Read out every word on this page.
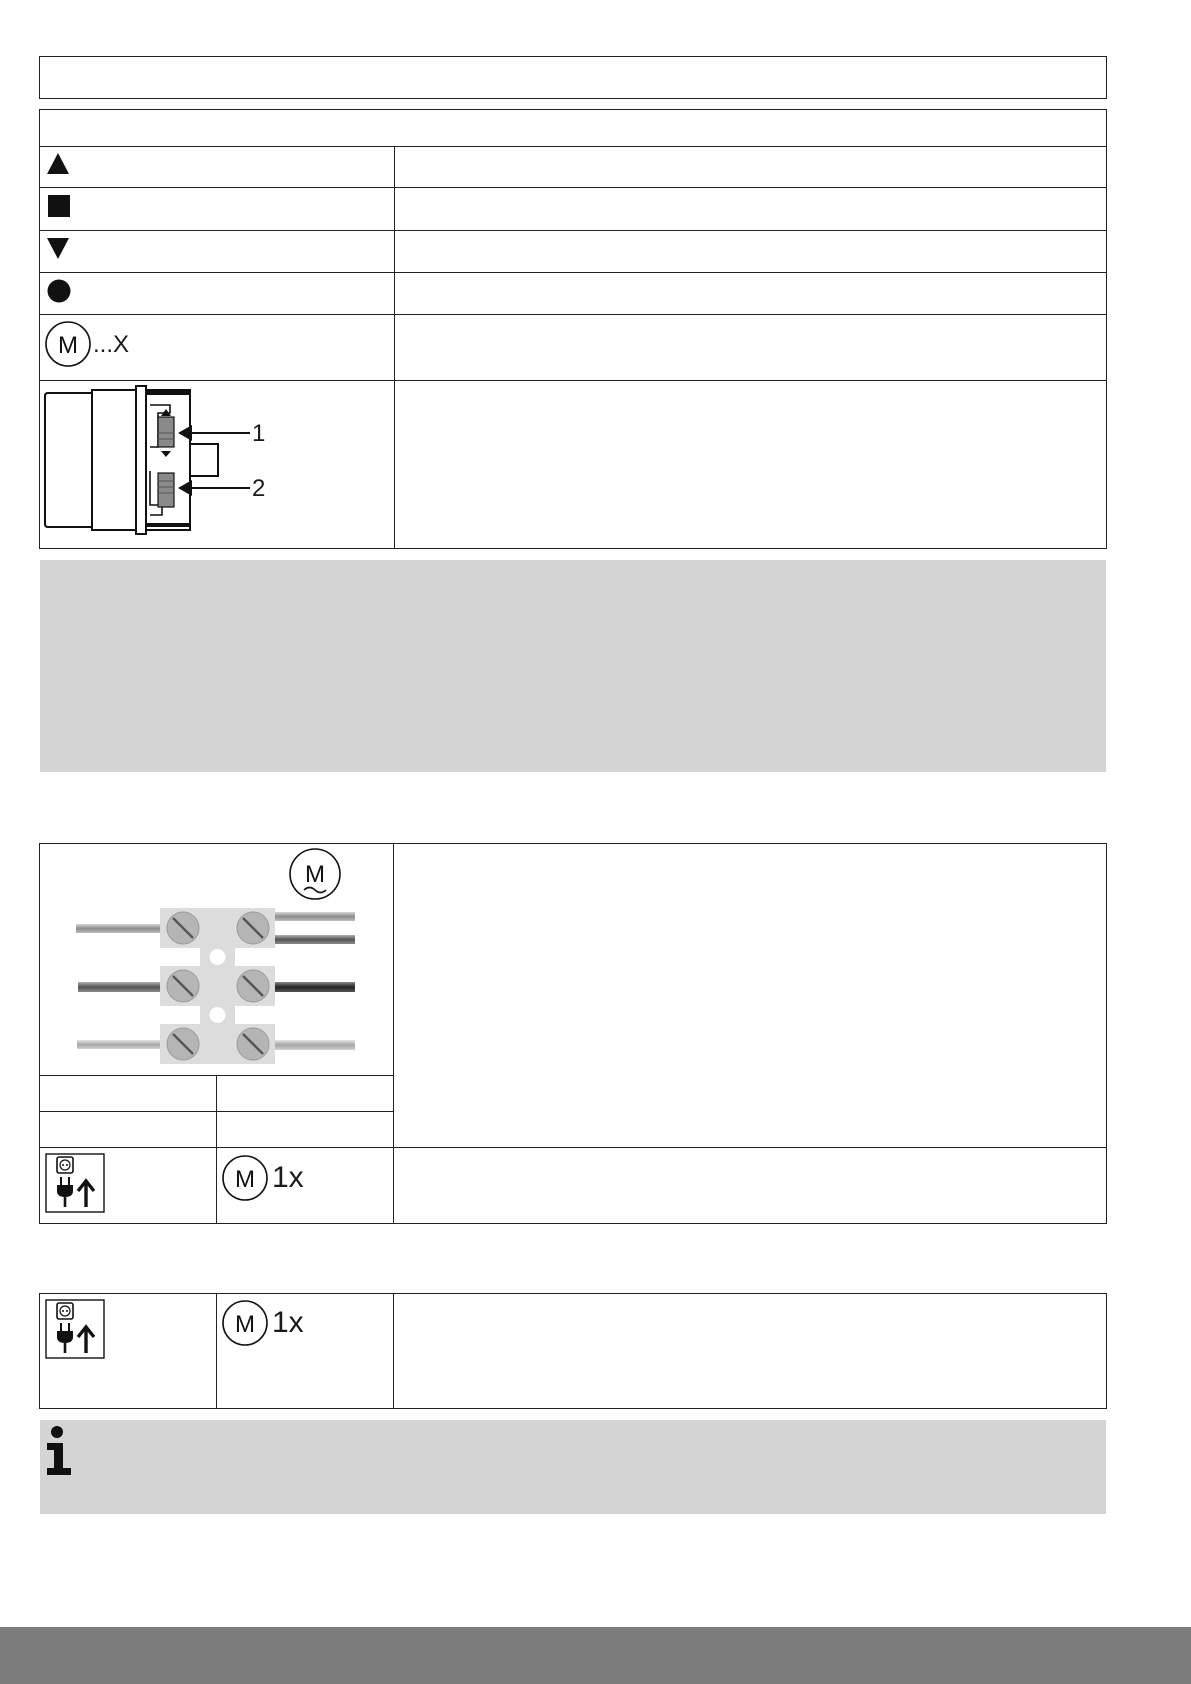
M ...X
1
2
M
M 1x
M 1x
